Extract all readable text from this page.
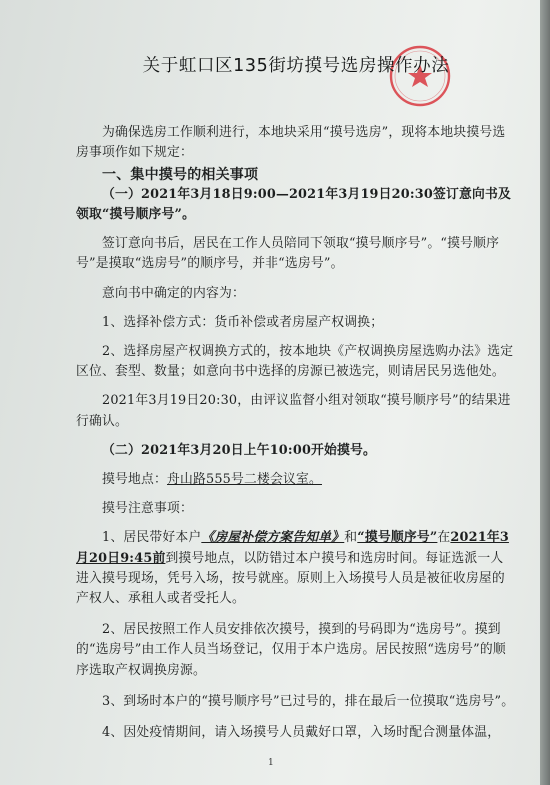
关于虹口区135街坊摸号选房操作办法

为确保选房工作顺利进行，本地块采用“摸号选房”，现将本地块摸号选房事项作如下规定：

一、集中摸号的相关事项

（一）2021年3月18日9:00—2021年3月19日20:30签订意向书及领取“摸号顺序号”。

签订意向书后，居民在工作人员陪同下领取“摸号顺序号”。“摸号顺序号”是摸取“选房号”的顺序号，并非“选房号”。

意向书中确定的内容为：

1、选择补偿方式：货币补偿或者房屋产权调换；

2、选择房屋产权调换方式的，按本地块《产权调换房屋选购办法》选定区位、套型、数量；如意向书中选择的房源已被选完，则请居民另选他处。

2021年3月19日20:30，由评议监督小组对领取“摸号顺序号”的结果进行确认。

（二）2021年3月20日上午10:00开始摸号。

摸号地点：舟山路555号二楼会议室。

摸号注意事项：

1、居民带好本户《房屋补偿方案告知单》和“摸号顺序号”在2021年3月20日9:45前到摸号地点，以防错过本户摸号和选房时间。每证选派一人进入摸号现场，凭号入场，按号就座。原则上入场摸号人员是被征收房屋的产权人、承租人或者受托人。

2、居民按照工作人员安排依次摸号，摸到的号码即为“选房号”。摸到的“选房号”由工作人员当场登记，仅用于本户选房。居民按照“选房号”的顺序选取产权调换房源。

3、到场时本户的“摸号顺序号”已过号的，排在最后一位摸取“选房号”。

4、因处疫情期间，请入场摸号人员戴好口罩，入场时配合测量体温，

1
